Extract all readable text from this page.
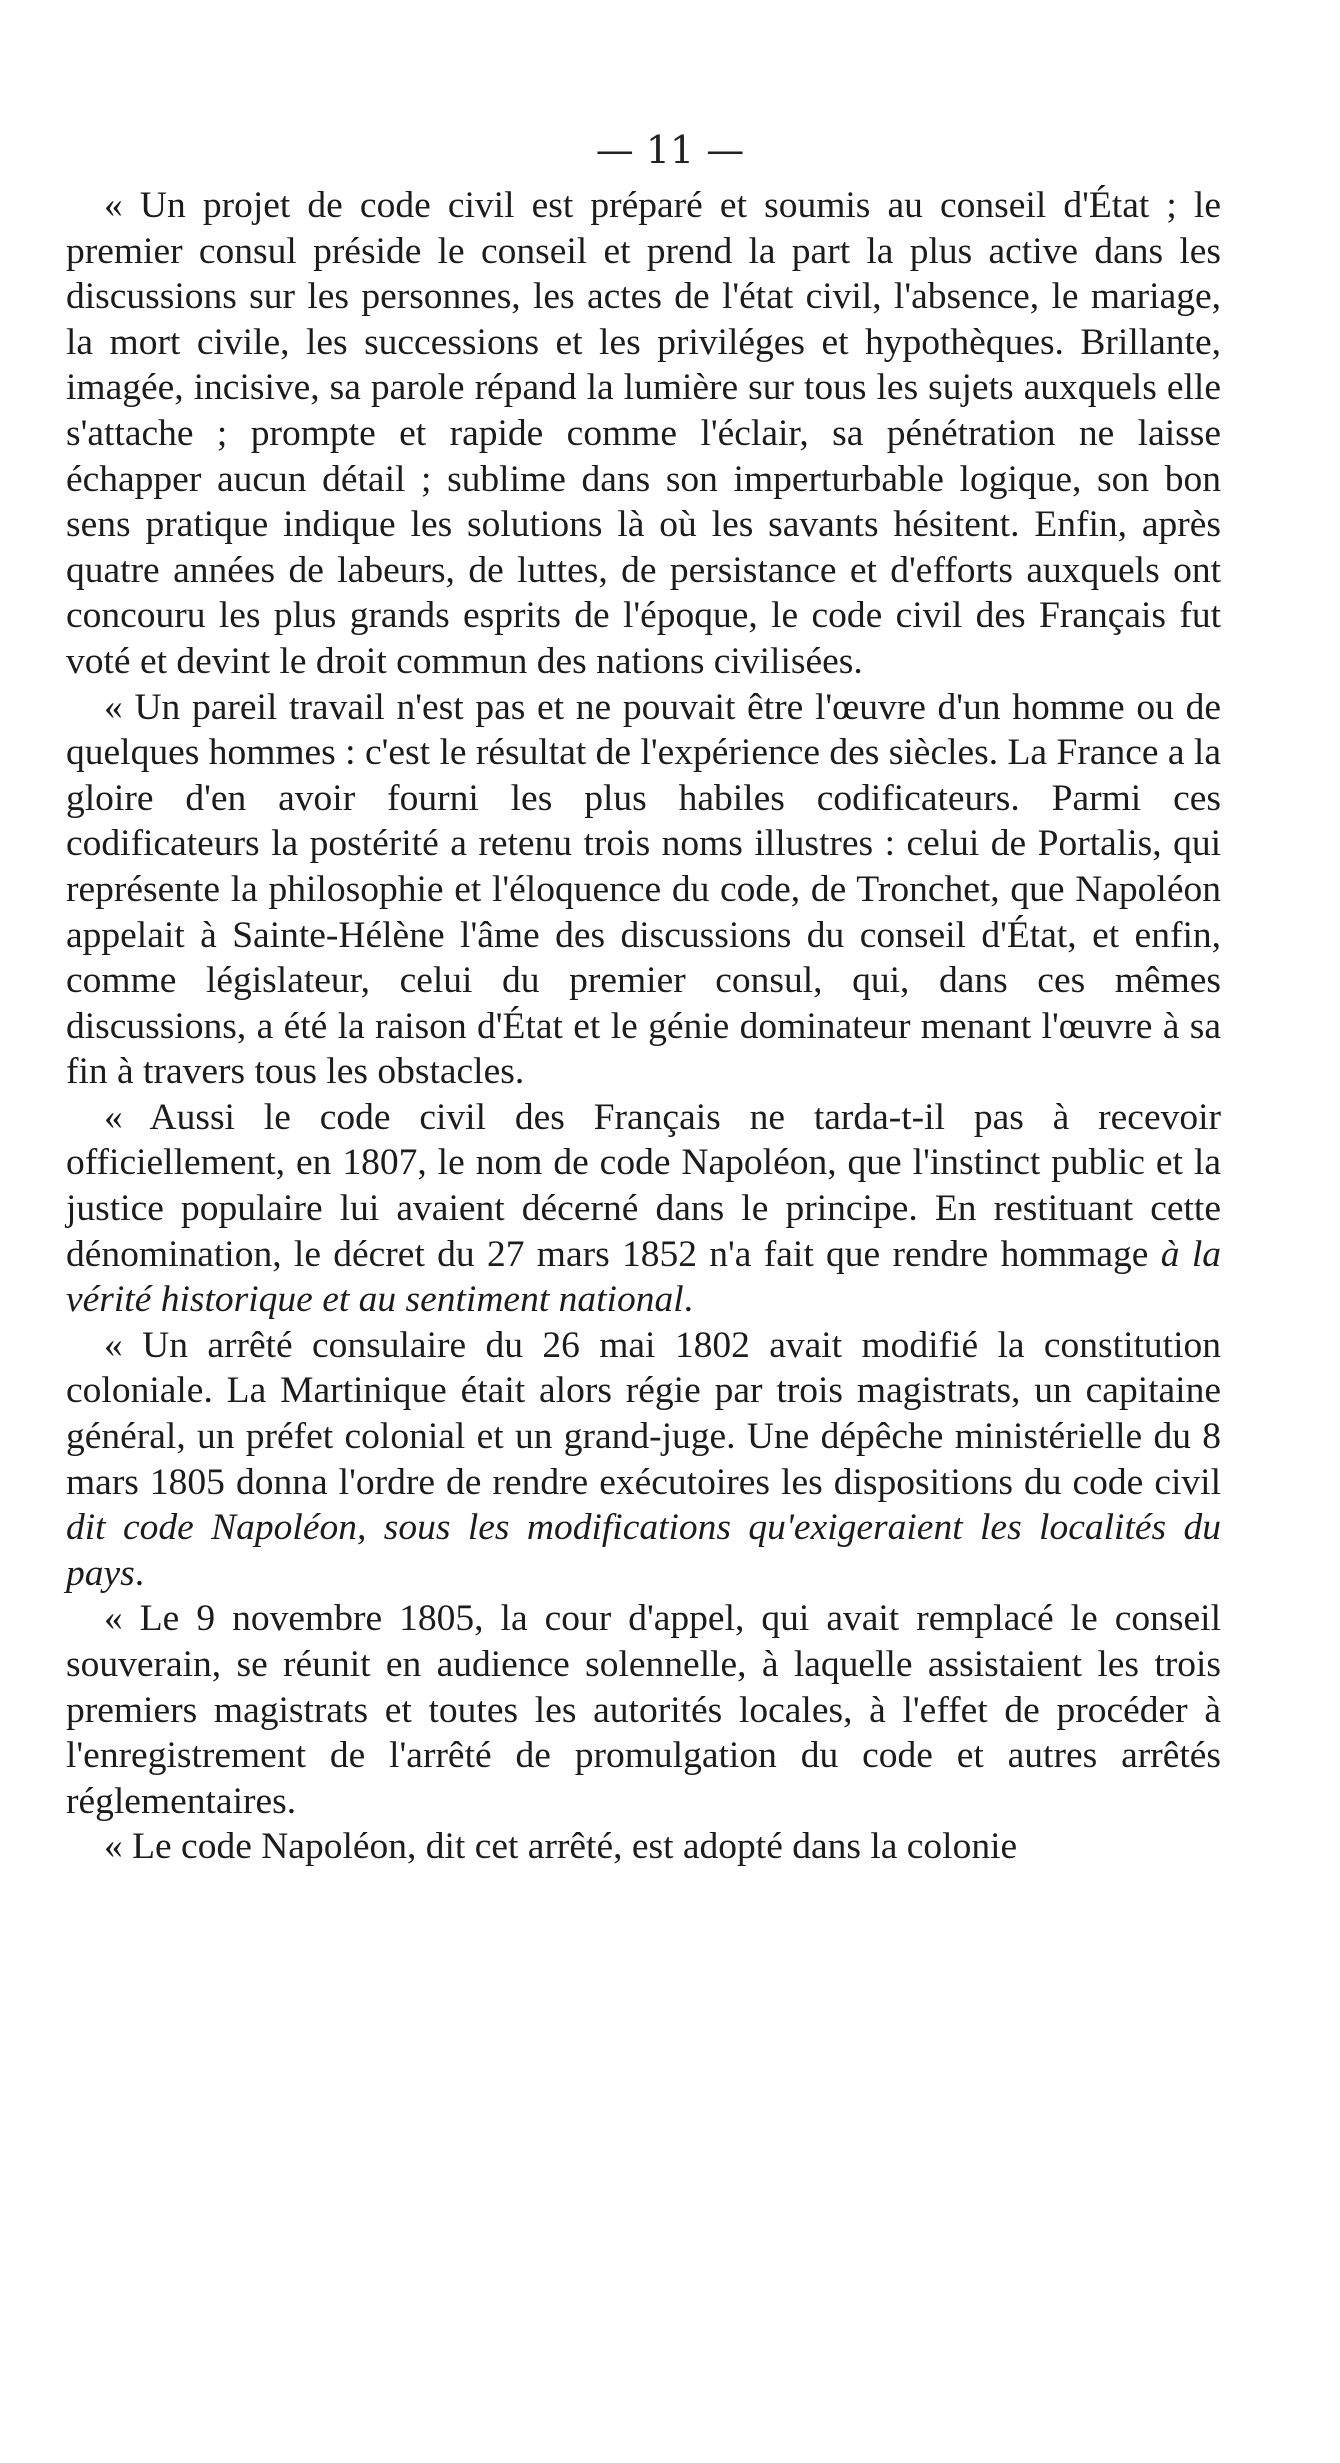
— 11 —

« Un projet de code civil est préparé et soumis au conseil d'État ; le premier consul préside le conseil et prend la part la plus active dans les discussions sur les personnes, les actes de l'état civil, l'absence, le mariage, la mort civile, les successions et les priviléges et hypothèques. Brillante, imagée, incisive, sa parole répand la lumière sur tous les sujets auxquels elle s'attache ; prompte et rapide comme l'éclair, sa pénétration ne laisse échapper aucun détail ; sublime dans son imperturbable logique, son bon sens pratique indique les solutions là où les savants hésitent. Enfin, après quatre années de labeurs, de luttes, de persistance et d'efforts auxquels ont concouru les plus grands esprits de l'époque, le code civil des Français fut voté et devint le droit commun des nations civilisées.

« Un pareil travail n'est pas et ne pouvait être l'œuvre d'un homme ou de quelques hommes : c'est le résultat de l'expérience des siècles. La France a la gloire d'en avoir fourni les plus habiles codificateurs. Parmi ces codificateurs la postérité a retenu trois noms illustres : celui de Portalis, qui représente la philosophie et l'éloquence du code, de Tronchet, que Napoléon appelait à Sainte-Hélène l'âme des discussions du conseil d'État, et enfin, comme législateur, celui du premier consul, qui, dans ces mêmes discussions, a été la raison d'État et le génie dominateur menant l'œuvre à sa fin à travers tous les obstacles.

« Aussi le code civil des Français ne tarda-t-il pas à recevoir officiellement, en 1807, le nom de code Napoléon, que l'instinct public et la justice populaire lui avaient décerné dans le principe. En restituant cette dénomination, le décret du 27 mars 1852 n'a fait que rendre hommage à la vérité historique et au sentiment national.

« Un arrêté consulaire du 26 mai 1802 avait modifié la constitution coloniale. La Martinique était alors régie par trois magistrats, un capitaine général, un préfet colonial et un grand-juge. Une dépêche ministérielle du 8 mars 1805 donna l'ordre de rendre exécutoires les dispositions du code civil dit code Napoléon, sous les modifications qu'exigeraient les localités du pays.

« Le 9 novembre 1805, la cour d'appel, qui avait remplacé le conseil souverain, se réunit en audience solennelle, à laquelle assistaient les trois premiers magistrats et toutes les autorités locales, à l'effet de procéder à l'enregistrement de l'arrêté de promulgation du code et autres arrêtés réglementaires.

« Le code Napoléon, dit cet arrêté, est adopté dans la colonie
